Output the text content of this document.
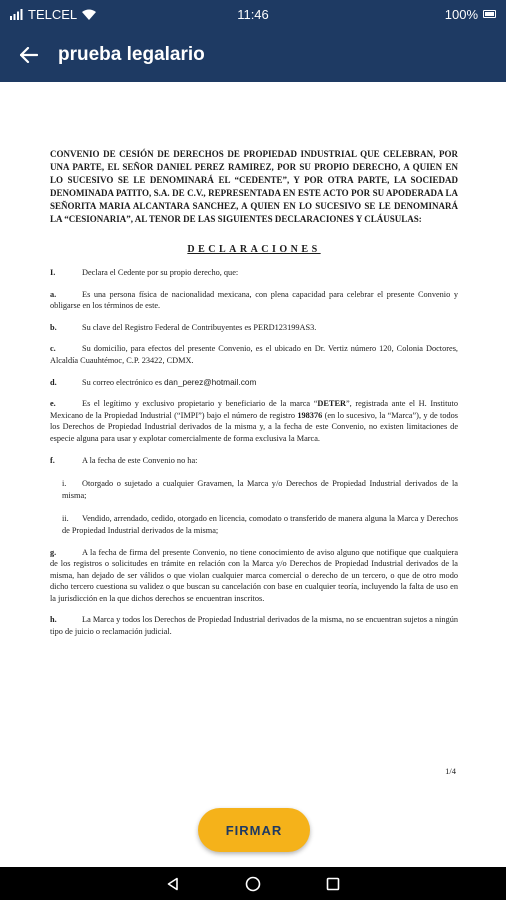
TELCEL	11:46	100%
prueba legalario

CONVENIO DE CESIÓN DE DERECHOS DE PROPIEDAD INDUSTRIAL QUE CELEBRAN, POR UNA PARTE, EL SEÑOR DANIEL PEREZ RAMIREZ, POR SU PROPIO DERECHO, A QUIEN EN LO SUCESIVO SE LE DENOMINARÁ EL “CEDENTE”, Y POR OTRA PARTE, LA SOCIEDAD DENOMINADA PATITO, S.A. DE C.V., REPRESENTADA EN ESTE ACTO POR SU APODERADA LA SEÑORITA MARIA ALCANTARA SANCHEZ, A QUIEN EN LO SUCESIVO SE LE DENOMINARÁ LA “CESIONARIA”, AL TENOR DE LAS SIGUIENTES DECLARACIONES Y CLÁUSULAS:

DECLARACIONES

I.	Declara el Cedente por su propio derecho, que:

a.	Es una persona física de nacionalidad mexicana, con plena capacidad para celebrar el presente Convenio y obligarse en los términos de este.

b.	Su clave del Registro Federal de Contribuyentes es PERD123199AS3.

c.	Su domicilio, para efectos del presente Convenio, es el ubicado en Dr. Vertiz número 120, Colonia Doctores, Alcaldía Cuauhtémoc, C.P. 23422, CDMX.

d.	Su correo electrónico es dan_perez@hotmail.com

e.	Es el legítimo y exclusivo propietario y beneficiario de la marca “DETER”, registrada ante el H. Instituto Mexicano de la Propiedad Industrial (“IMPI”) bajo el número de registro 198376 (en lo sucesivo, la “Marca”), y de todos los Derechos de Propiedad Industrial derivados de la misma y, a la fecha de este Convenio, no existen limitaciones de especie alguna para usar y explotar comercialmente de forma exclusiva la Marca.

f.	A la fecha de este Convenio no ha:

i. Otorgado o sujetado a cualquier Gravamen, la Marca y/o Derechos de Propiedad Industrial derivados de la misma;

ii. Vendido, arrendado, cedido, otorgado en licencia, comodato o transferido de manera alguna la Marca y Derechos de Propiedad Industrial derivados de la misma;

g.	A la fecha de firma del presente Convenio, no tiene conocimiento de aviso alguno que notifique que cualquiera de los registros o solicitudes en trámite en relación con la Marca y/o Derechos de Propiedad Industrial derivados de la misma, han dejado de ser válidos o que violan cualquier marca comercial o derecho de un tercero, o que de otro modo dicho tercero cuestiona su validez o que buscan su cancelación con base en cualquier teoría, incluyendo la falta de uso en la jurisdicción en la que dichos derechos se encuentran inscritos.

h.	La Marca y todos los Derechos de Propiedad Industrial derivados de la misma, no se encuentran sujetos a ningún tipo de juicio o reclamación judicial.

1/4
FIRMAR
